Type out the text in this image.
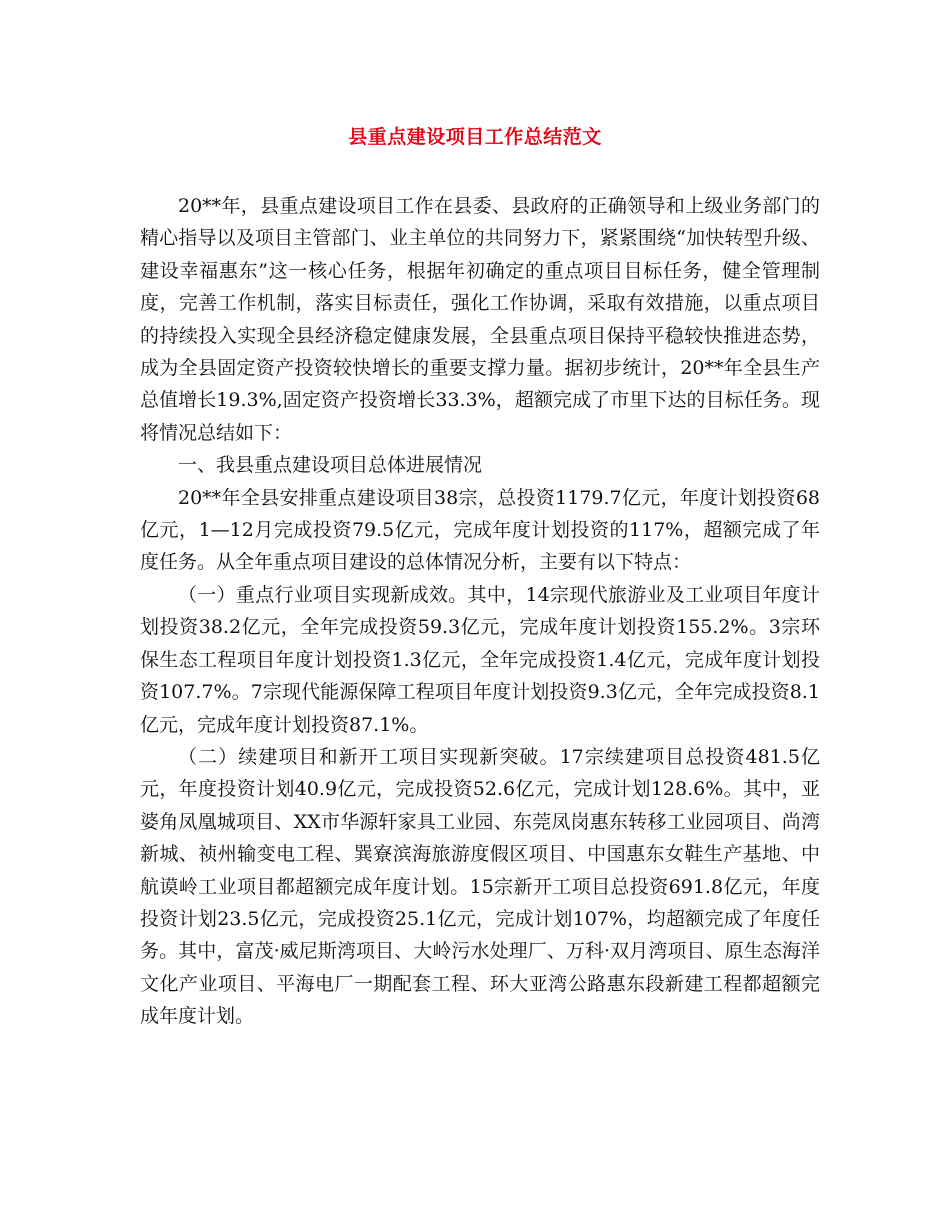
县重点建设项目工作总结范文

20**年，县重点建设项目工作在县委、县政府的正确领导和上级业务部门的精心指导以及项目主管部门、业主单位的共同努力下，紧紧围绕“加快转型升级、建设幸福惠东”这一核心任务，根据年初确定的重点项目目标任务，健全管理制度，完善工作机制，落实目标责任，强化工作协调，采取有效措施，以重点项目的持续投入实现全县经济稳定健康发展，全县重点项目保持平稳较快推进态势，成为全县固定资产投资较快增长的重要支撑力量。据初步统计，20**年全县生产总值增长19.3%,固定资产投资增长33.3%，超额完成了市里下达的目标任务。现将情况总结如下：

一、我县重点建设项目总体进展情况

20**年全县安排重点建设项目38宗，总投资1179.7亿元，年度计划投资68亿元，1—12月完成投资79.5亿元，完成年度计划投资的117%，超额完成了年度任务。从全年重点项目建设的总体情况分析，主要有以下特点：

（一）重点行业项目实现新成效。其中，14宗现代旅游业及工业项目年度计划投资38.2亿元，全年完成投资59.3亿元，完成年度计划投资155.2%。3宗环保生态工程项目年度计划投资1.3亿元，全年完成投资1.4亿元，完成年度计划投资107.7%。7宗现代能源保障工程项目年度计划投资9.3亿元，全年完成投资8.1亿元，完成年度计划投资87.1%。

（二）续建项目和新开工项目实现新突破。17宗续建项目总投资481.5亿元，年度投资计划40.9亿元，完成投资52.6亿元，完成计划128.6%。其中，亚婆角凤凰城项目、XX市华源轩家具工业园、东莞凤岗惠东转移工业园项目、尚湾新城、祯州输变电工程、巽寮滨海旅游度假区项目、中国惠东女鞋生产基地、中航谟岭工业项目都超额完成年度计划。15宗新开工项目总投资691.8亿元，年度投资计划23.5亿元，完成投资25.1亿元，完成计划107%，均超额完成了年度任务。其中，富茂·威尼斯湾项目、大岭污水处理厂、万科·双月湾项目、原生态海洋文化产业项目、平海电厂一期配套工程、环大亚湾公路惠东段新建工程都超额完成年度计划。
